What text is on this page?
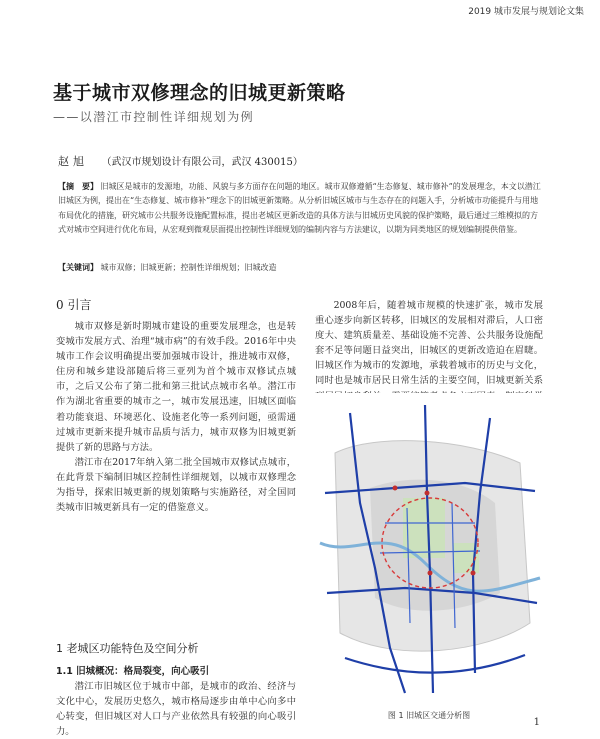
2019 城市发展与规划论文集
基于城市双修理念的旧城更新策略
——以潜江市控制性详细规划为例
赵旭 （武汉市规划设计有限公司，武汉 430015）
【摘　要】 旧城区是城市的发源地，功能、风貌与多方面存在问题的地区。城市双修遵循“生态修复、城市修补”的发展理念，本文以潜江旧城区为例，提出在“生态修复、城市修补”理念下的旧城更新策略。从分析旧城区城市与生态存在的问题入手，分析城市功能提升与用地布局优化的措施，研究城市公共服务设施配置标准，提出老城区更新改造的具体方法与旧城历史风貌的保护策略，最后通过三维模拟的方式对城市空间进行优化布局，从宏观到微观层面提出控制性详细规划的编制内容与方法建议，以期为同类地区的规划编制提供借鉴。
【关键词】 城市双修；旧城更新；控制性详细规划；旧城改造
0 引言

城市双修是新时期城市建设的重要发展理念，也是转变城市发展方式、治理“城市病”的有效手段。2016年中央城市工作会议明确提出要加强城市设计，推进城市双修，住房和城乡建设部随后将三亚列为首个城市双修试点城市，之后又公布了第二批和第三批试点城市名单。潜江市作为湖北省重要的城市之一，城市发展迅速，旧城区面临着功能衰退、环境恶化、设施老化等一系列问题，亟需通过城市更新来提升城市品质与活力，城市双修为旧城更新提供了新的思路与方法。

潜江市在2017年纳入第二批全国城市双修试点城市，在此背景下编制旧城区控制性详细规划，以城市双修理念为指导，探索旧城更新的规划策略与实施路径，对全国同类城市旧城更新具有一定的借鉴意义。

2008年后，随着城市规模的快速扩张，城市发展重心逐步向新区转移，旧城区的发展相对滞后，人口密度大、建筑质量差、基础设施不完善、公共服务设施配套不足等问题日益突出，旧城区的更新改造迫在眉睫。旧城区作为城市的发源地，承载着城市的历史与文化，同时也是城市居民日常生活的主要空间，旧城更新关系

1 老城区功能特色及空间分析
1.1 旧城概况：格局裂变，向心吸引

潜江市旧城区位于城市中部，是城市的政治、经济与文化中心，发展历史悠久，城市格局逐步由单中心向多中心转变，但旧城区对人口与产业依然具有较强的向心吸引力。

图 1 旧城区交通分析图
1
